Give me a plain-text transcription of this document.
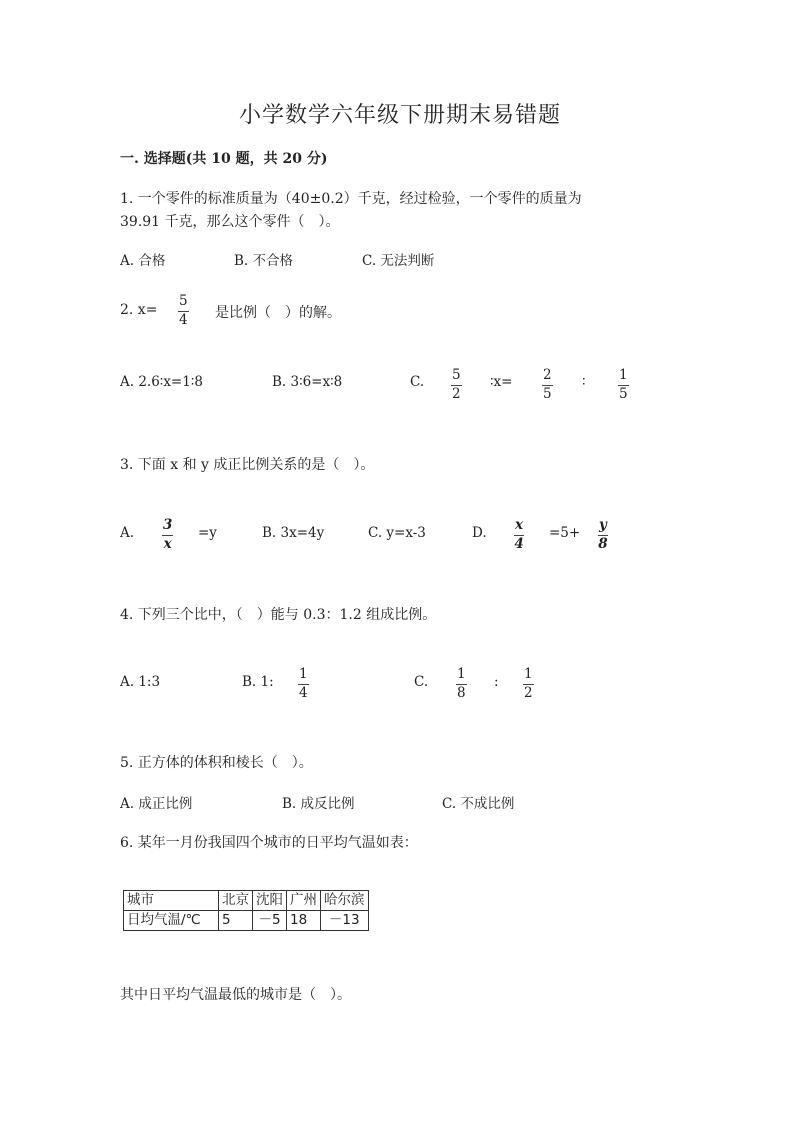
小学数学六年级下册期末易错题
一. 选择题(共 10 题，共 20 分)
1. 一个零件的标准质量为（40±0.2）千克，经过检验，一个零件的质量为
39.91 千克，那么这个零件（　）。
A. 合格	B. 不合格	C. 无法判断
2. $x= \frac{5}{4}$ 是比例（　）的解。
A. 2.6∶x=1∶8	B. 3∶6=x∶8	C. $\frac{5}{2}$ ∶x= $\frac{2}{5}$ ∶ $\frac{1}{5}$
3. 下面 x 和 y 成正比例关系的是（　）。
A. $\frac{3}{x} =y$	B. 3x=4y	C. y=x-3	D. $\frac{x}{4} =5+ \frac{y}{8}$
4. 下列三个比中，（　）能与 0.3：1.2 组成比例。
A. 1:3	B. 1: $\frac{1}{4}$	C. $\frac{1}{8}$ : $\frac{1}{2}$
5. 正方体的体积和棱长（　）。
A. 成正比例	B. 成反比例	C. 不成比例
6. 某年一月份我国四个城市的日平均气温如表：
城市	北京	沈阳	广州	哈尔滨
日均气温/℃	5	－5	18	－13
其中日平均气温最低的城市是（　）。
